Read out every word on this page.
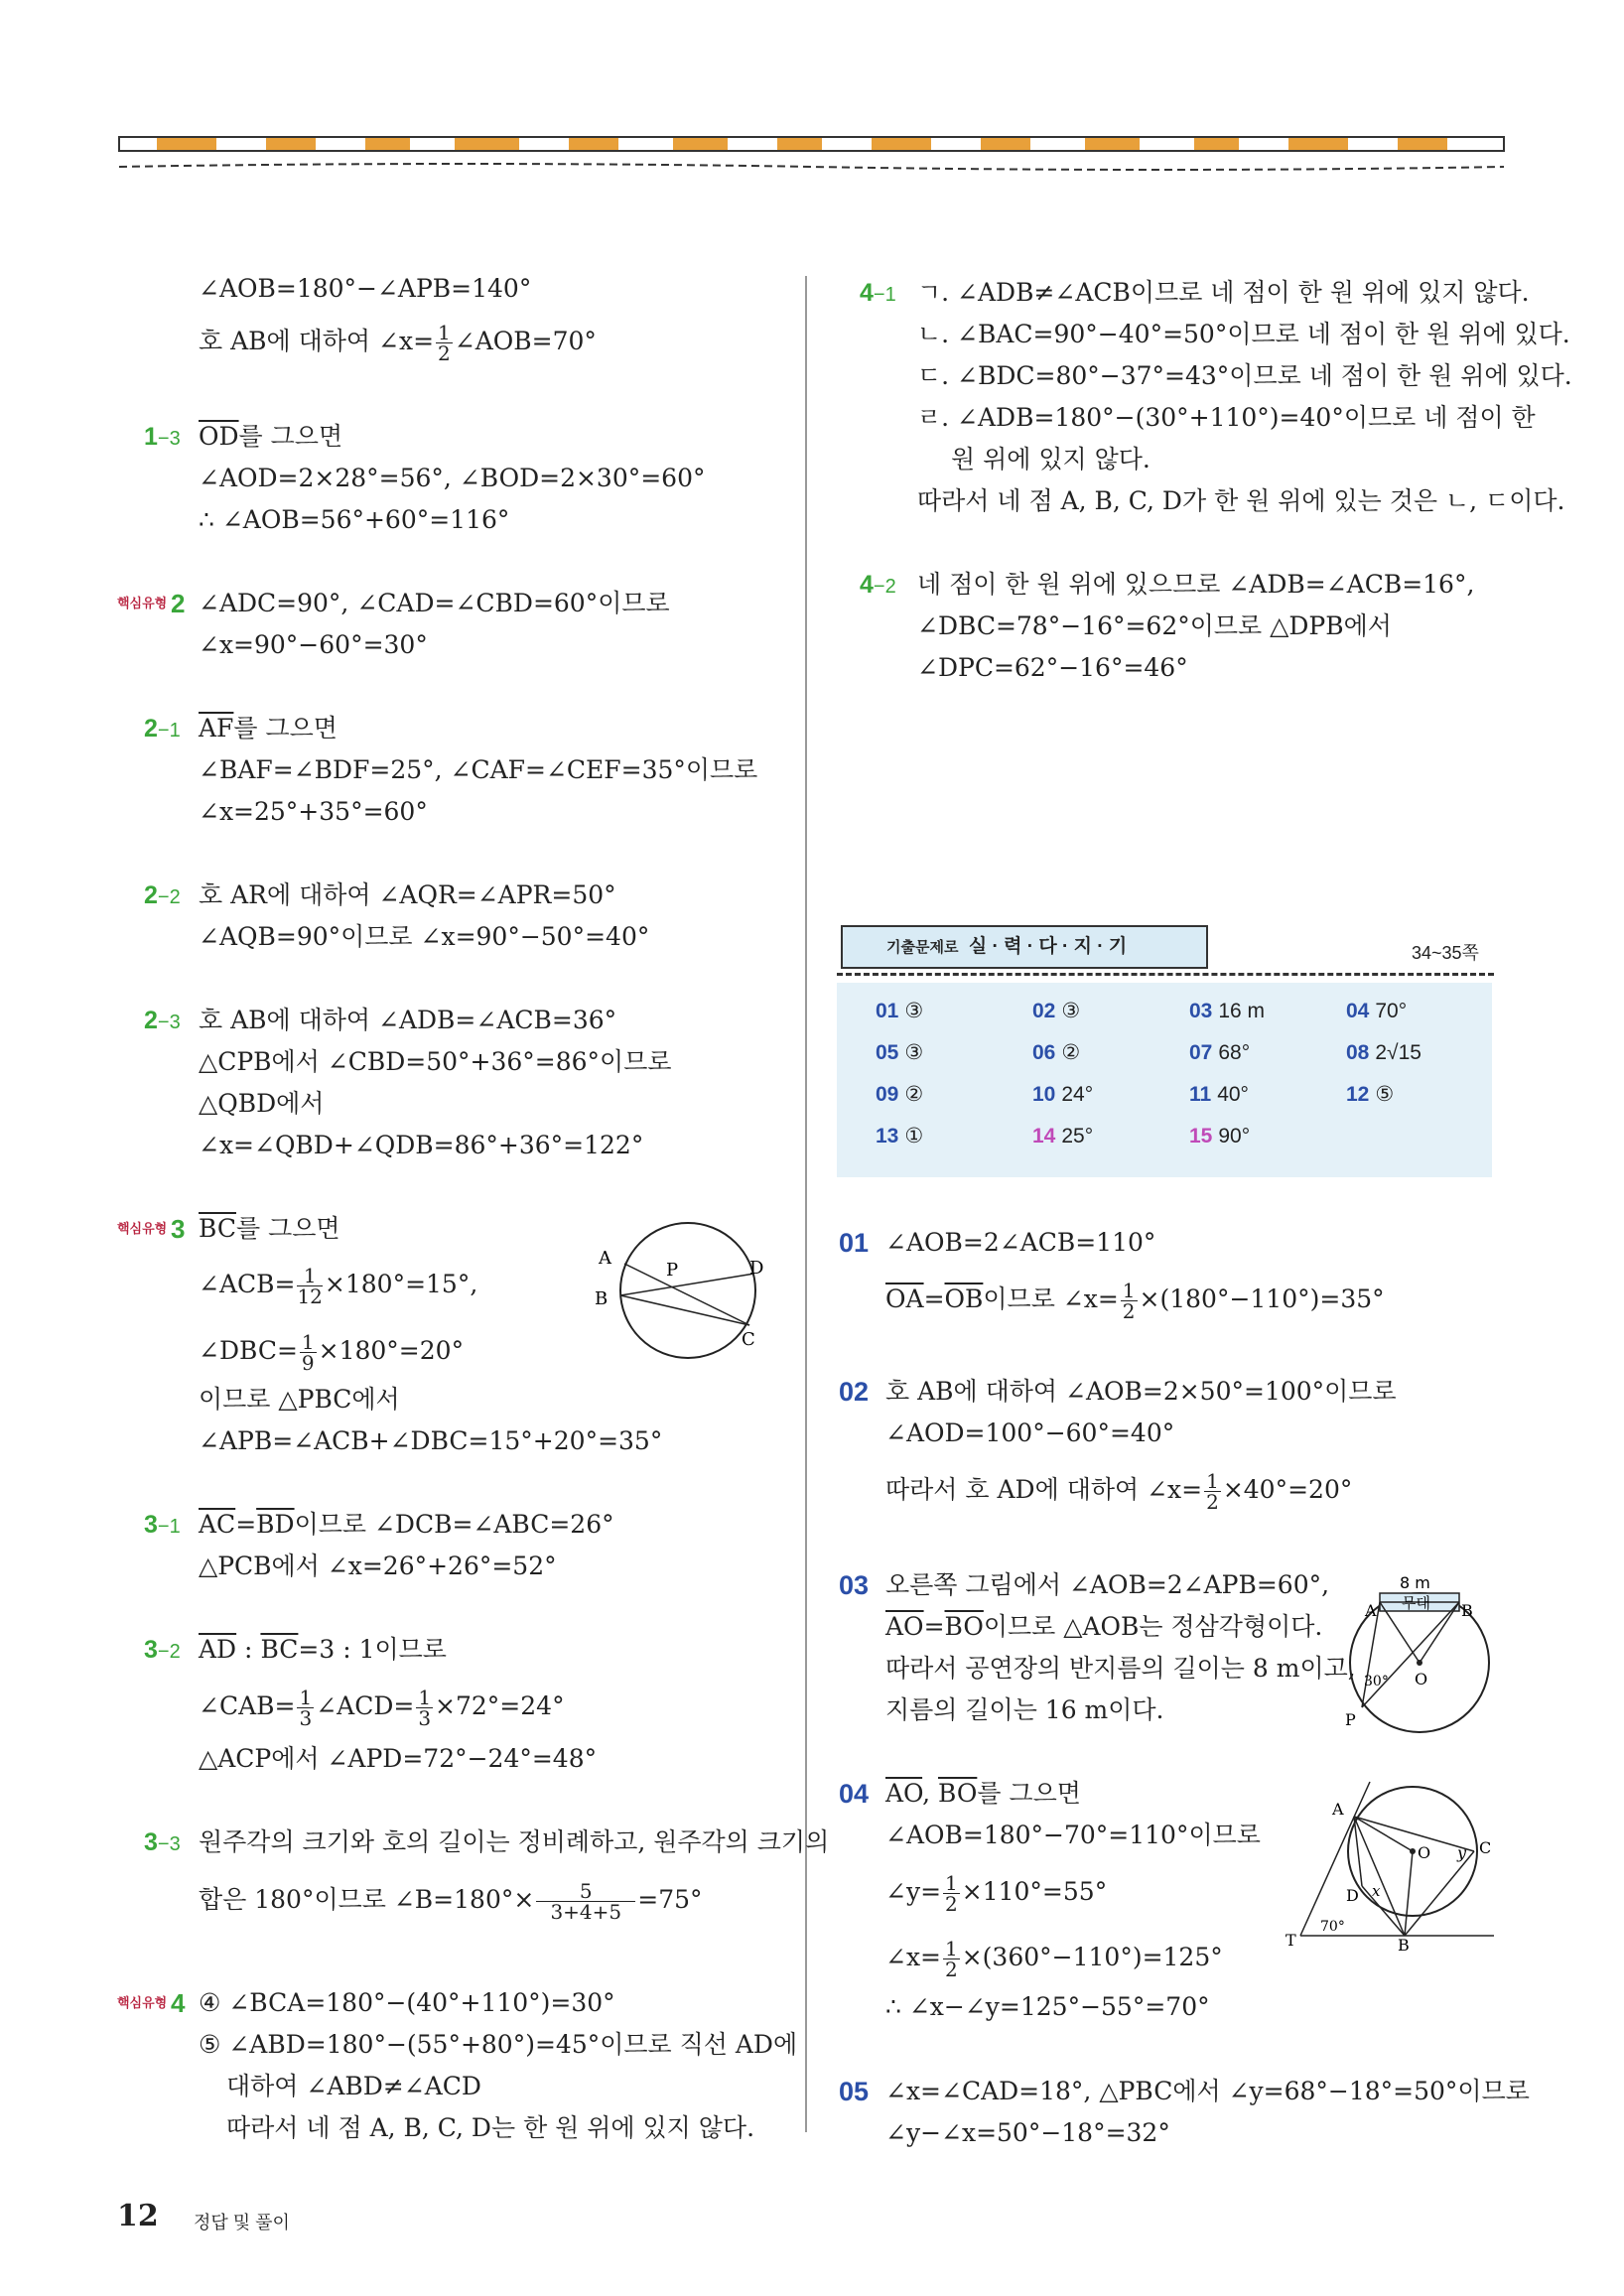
∠AOB=180°−∠APB=140°
호 AB에 대하여 ∠x= $\frac{1}{2}$ ∠AOB=70°
1−3 $\overline{OD}$를 그으면
∠AOD=2×28°=56°, ∠BOD=2×30°=60°
∴ ∠AOB=56°+60°=116°
핵심유형 2 ∠ADC=90°, ∠CAD=∠CBD=60°이므로
∠x=90°−60°=30°
2−1 $\overline{AF}$를 그으면
∠BAF=∠BDF=25°, ∠CAF=∠CEF=35°이므로
∠x=25°+35°=60°
2−2 호 AR에 대하여 ∠AQR=∠APR=50°
∠AQB=90°이므로 ∠x=90°−50°=40°
2−3 호 AB에 대하여 ∠ADB=∠ACB=36°
△CPB에서 ∠CBD=50°+36°=86°이므로
△QBD에서
∠x=∠QBD+∠QDB=86°+36°=122°
핵심유형 3 $\overline{BC}$를 그으면
∠ACB= $\frac{1}{12} \times 180^\circ=15^\circ$,
∠DBC= $\frac{1}{9} \times 180^\circ=20^\circ$
이므로 △PBC에서
∠APB=∠ACB+∠DBC=15°+20°=35°
A
B
P	D
C
3−1 $\overline{AC}=\overline{BD}$이므로 ∠DCB=∠ABC=26°
△PCB에서 ∠x=26°+26°=52°
3−2 $\overline{AD}$ : $\overline{BC}=3$ : 1이므로
∠CAB= $\frac{1}{3}$ ∠ACD= $\frac{1}{3} \times 72^\circ=24^\circ$
△ACP에서 ∠APD=72°−24°=48°
3−3 원주각의 크기와 호의 길이는 정비례하고, 원주각의 크기의
합은 180°이므로 ∠B=180°× $\frac{5}{3+4+5} =75^\circ$
핵심유형 4 ④ ∠BCA=180°−(40°+110°)=30°
⑤ ∠ABD=180°−(55°+80°)=45°이므로 직선 AD에
대하여 ∠ABD≠∠ACD
따라서 네 점 A, B, C, D는 한 원 위에 있지 않다.
4−1 ㄱ. ∠ADB≠∠ACB이므로 네 점이 한 원 위에 있지 않다.
ㄴ. ∠BAC=90°−40°=50°이므로 네 점이 한 원 위에 있다.
ㄷ. ∠BDC=80°−37°=43°이므로 네 점이 한 원 위에 있다.
ㄹ. ∠ADB=180°−(30°+110°)=40°이므로 네 점이 한
원 위에 있지 않다.
따라서 네 점 A, B, C, D가 한 원 위에 있는 것은 ㄴ, ㄷ이다.
4−2 네 점이 한 원 위에 있으므로 ∠ADB=∠ACB=16°,
∠DBC=78°−16°=62°이므로 △DPB에서
∠DPC=62°−16°=46°
기출문제로 실 · 력 · 다 · 지 · 기	34~35쪽
01 ③	02 ③	03 16 m	04 70°
05 ③	06 ②	07 68°	08 2√15
09 ②	10 24°	11 40°	12 ⑤
13 ①	14 25°	15 90°
01 ∠AOB=2∠ACB=110°
$\overline{OA}=\overline{OB}$이므로 ∠x= $\frac{1}{2} \times(180^\circ-110^\circ)=35^\circ$
02 호 AB에 대하여 ∠AOB=2×50°=100°이므로
∠AOD=100°−60°=40°
따라서 호 AD에 대하여 ∠x= $\frac{1}{2} \times 40^\circ=20^\circ$
03 오른쪽 그림에서 ∠AOB=2∠APB=60°,
$\overline{AO}=\overline{BO}$이므로 △AOB는 정삼각형이다.
따라서 공연장의 반지름의 길이는 8 m이고,
지름의 길이는 16 m이다.
8 m
무대
A	B
30° O
P
04 $\overline{AO}$, $\overline{BO}$를 그으면
∠AOB=180°−70°=110°이므로
∠y= $\frac{1}{2} \times 110^\circ=55^\circ$
∠x= $\frac{1}{2} \times(360^\circ-110^\circ)=125^\circ$
∴ ∠x−∠y=125°−55°=70°
A
O y C
D x
T
70°
B
05 ∠x=∠CAD=18°, △PBC에서 ∠y=68°−18°=50°이므로
∠y−∠x=50°−18°=32°
12 정답 및 풀이
